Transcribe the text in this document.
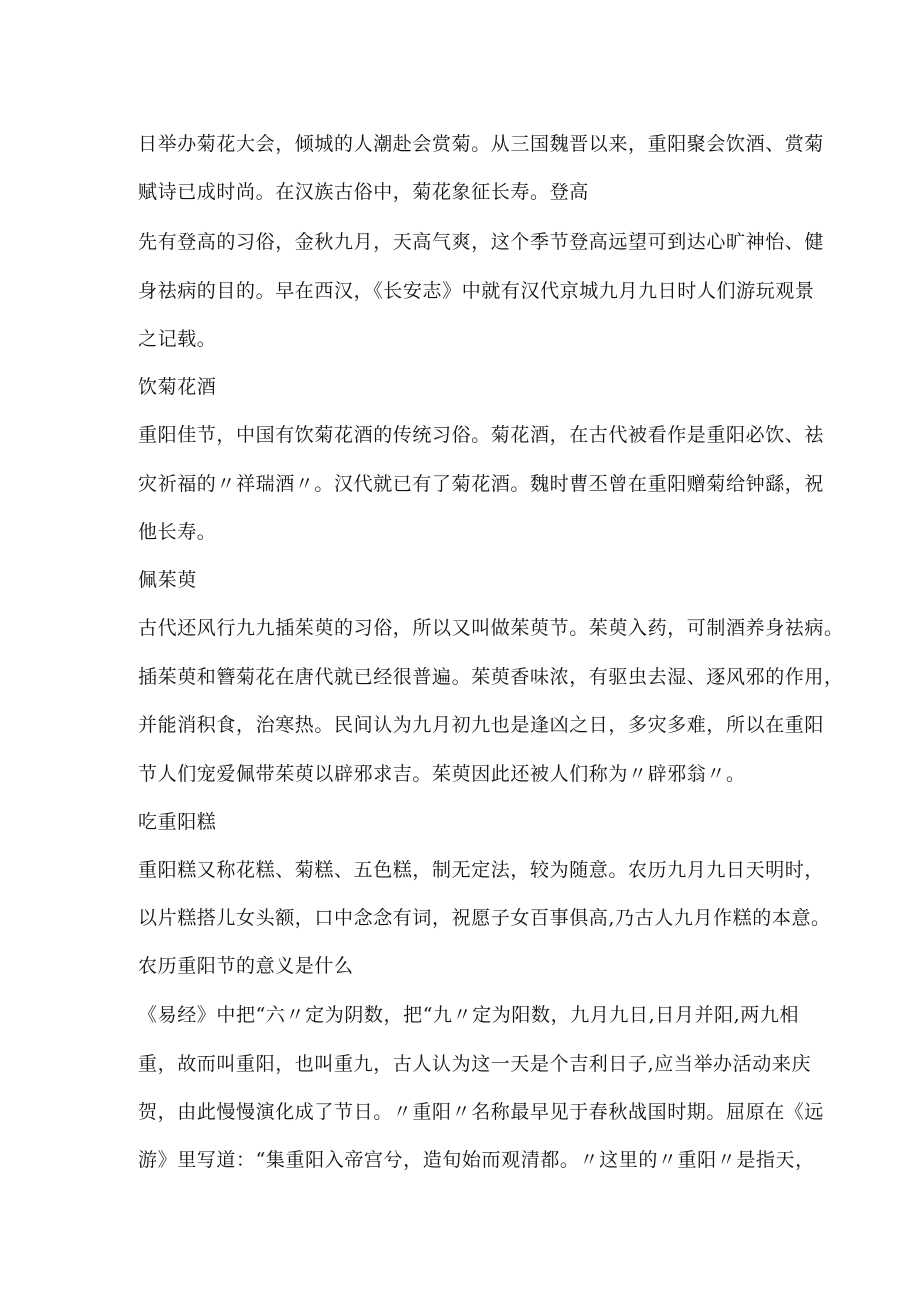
日举办菊花大会，倾城的人潮赴会赏菊。从三国魏晋以来，重阳聚会饮酒、赏菊
赋诗已成时尚。在汉族古俗中，菊花象征长寿。登高
先有登高的习俗，金秋九月，天高气爽，这个季节登高远望可到达心旷神怡、健
身祛病的目的。早在西汉，《长安志》中就有汉代京城九月九日时人们游玩观景
之记载。
饮菊花酒
重阳佳节，中国有饮菊花酒的传统习俗。菊花酒，在古代被看作是重阳必饮、祛
灾祈福的〃祥瑞酒〃。汉代就已有了菊花酒。魏时曹丕曾在重阳赠菊给钟繇，祝
他长寿。
佩茱萸
古代还风行九九插茱萸的习俗，所以又叫做茱萸节。茱萸入药，可制酒养身祛病。
插茱萸和簪菊花在唐代就已经很普遍。茱萸香味浓，有驱虫去湿、逐风邪的作用，
并能消积食，治寒热。民间认为九月初九也是逢凶之日，多灾多难，所以在重阳
节人们宠爱佩带茱萸以辟邪求吉。茱萸因此还被人们称为〃辟邪翁〃。
吃重阳糕
重阳糕又称花糕、菊糕、五色糕，制无定法，较为随意。农历九月九日天明时，
以片糕搭儿女头额，口中念念有词，祝愿子女百事俱高,乃古人九月作糕的本意。
农历重阳节的意义是什么
《易经》中把“六〃定为阴数，把“九〃定为阳数，九月九日,日月并阳,两九相
重，故而叫重阳，也叫重九，古人认为这一天是个吉利日子,应当举办活动来庆
贺，由此慢慢演化成了节日。〃重阳〃名称最早见于春秋战国时期。屈原在《远
游》里写道：“集重阳入帝宫兮，造旬始而观清都。〃这里的〃重阳〃是指天，
